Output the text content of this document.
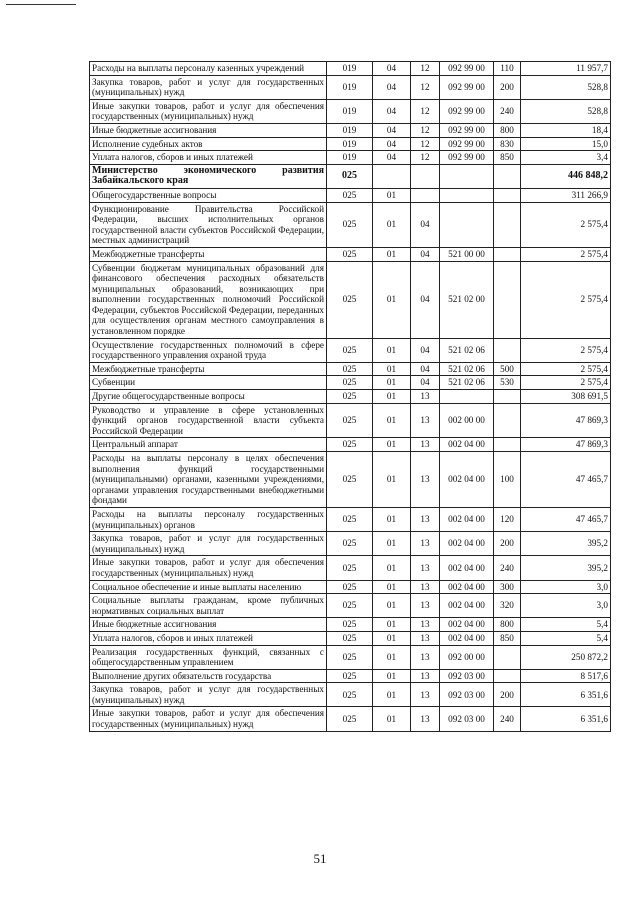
Расходы на выплаты персоналу казенных учреждений	019	04	12	092 99 00	110	11 957,7
Закупка товаров, работ и услуг для государственных (муниципальных) нужд	019	04	12	092 99 00	200	528,8
Иные закупки товаров, работ и услуг для обеспечения государственных (муниципальных) нужд	019	04	12	092 99 00	240	528,8
Иные бюджетные ассигнования	019	04	12	092 99 00	800	18,4
Исполнение судебных актов	019	04	12	092 99 00	830	15,0
Уплата налогов, сборов и иных платежей	019	04	12	092 99 00	850	3,4
Министерство экономического развития Забайкальского края	025					446 848,2
Общегосударственные вопросы	025	01				311 266,9
Функционирование Правительства Российской Федерации, высших исполнительных органов государственной власти субъектов Российской Федерации, местных администраций	025	01	04			2 575,4
Межбюджетные трансферты	025	01	04	521 00 00		2 575,4
Субвенции бюджетам муниципальных образований для финансового обеспечения расходных обязательств муниципальных образований, возникающих при выполнении государственных полномочий Российской Федерации, субъектов Российской Федерации, переданных для осуществления органам местного самоуправления в установленном порядке	025	01	04	521 02 00		2 575,4
Осуществление государственных полномочий в сфере государственного управления охраной труда	025	01	04	521 02 06		2 575,4
Межбюджетные трансферты	025	01	04	521 02 06	500	2 575,4
Субвенции	025	01	04	521 02 06	530	2 575,4
Другие общегосударственные вопросы	025	01	13			308 691,5
Руководство и управление в сфере установленных функций органов государственной власти субъекта Российской Федерации	025	01	13	002 00 00		47 869,3
Центральный аппарат	025	01	13	002 04 00		47 869,3
Расходы на выплаты персоналу в целях обеспечения выполнения функций государственными (муниципальными) органами, казенными учреждениями, органами управления государственными внебюджетными фондами	025	01	13	002 04 00	100	47 465,7
Расходы на выплаты персоналу государственных (муниципальных) органов	025	01	13	002 04 00	120	47 465,7
Закупка товаров, работ и услуг для государственных (муниципальных) нужд	025	01	13	002 04 00	200	395,2
Иные закупки товаров, работ и услуг для обеспечения государственных (муниципальных) нужд	025	01	13	002 04 00	240	395,2
Социальное обеспечение и иные выплаты населению	025	01	13	002 04 00	300	3,0
Социальные выплаты гражданам, кроме публичных нормативных социальных выплат	025	01	13	002 04 00	320	3,0
Иные бюджетные ассигнования	025	01	13	002 04 00	800	5,4
Уплата налогов, сборов и иных платежей	025	01	13	002 04 00	850	5,4
Реализация государственных функций, связанных с общегосударственным управлением	025	01	13	092 00 00		250 872,2
Выполнение других обязательств государства	025	01	13	092 03 00		8 517,6
Закупка товаров, работ и услуг для государственных (муниципальных) нужд	025	01	13	092 03 00	200	6 351,6
Иные закупки товаров, работ и услуг для обеспечения государственных (муниципальных) нужд	025	01	13	092 03 00	240	6 351,6
51
